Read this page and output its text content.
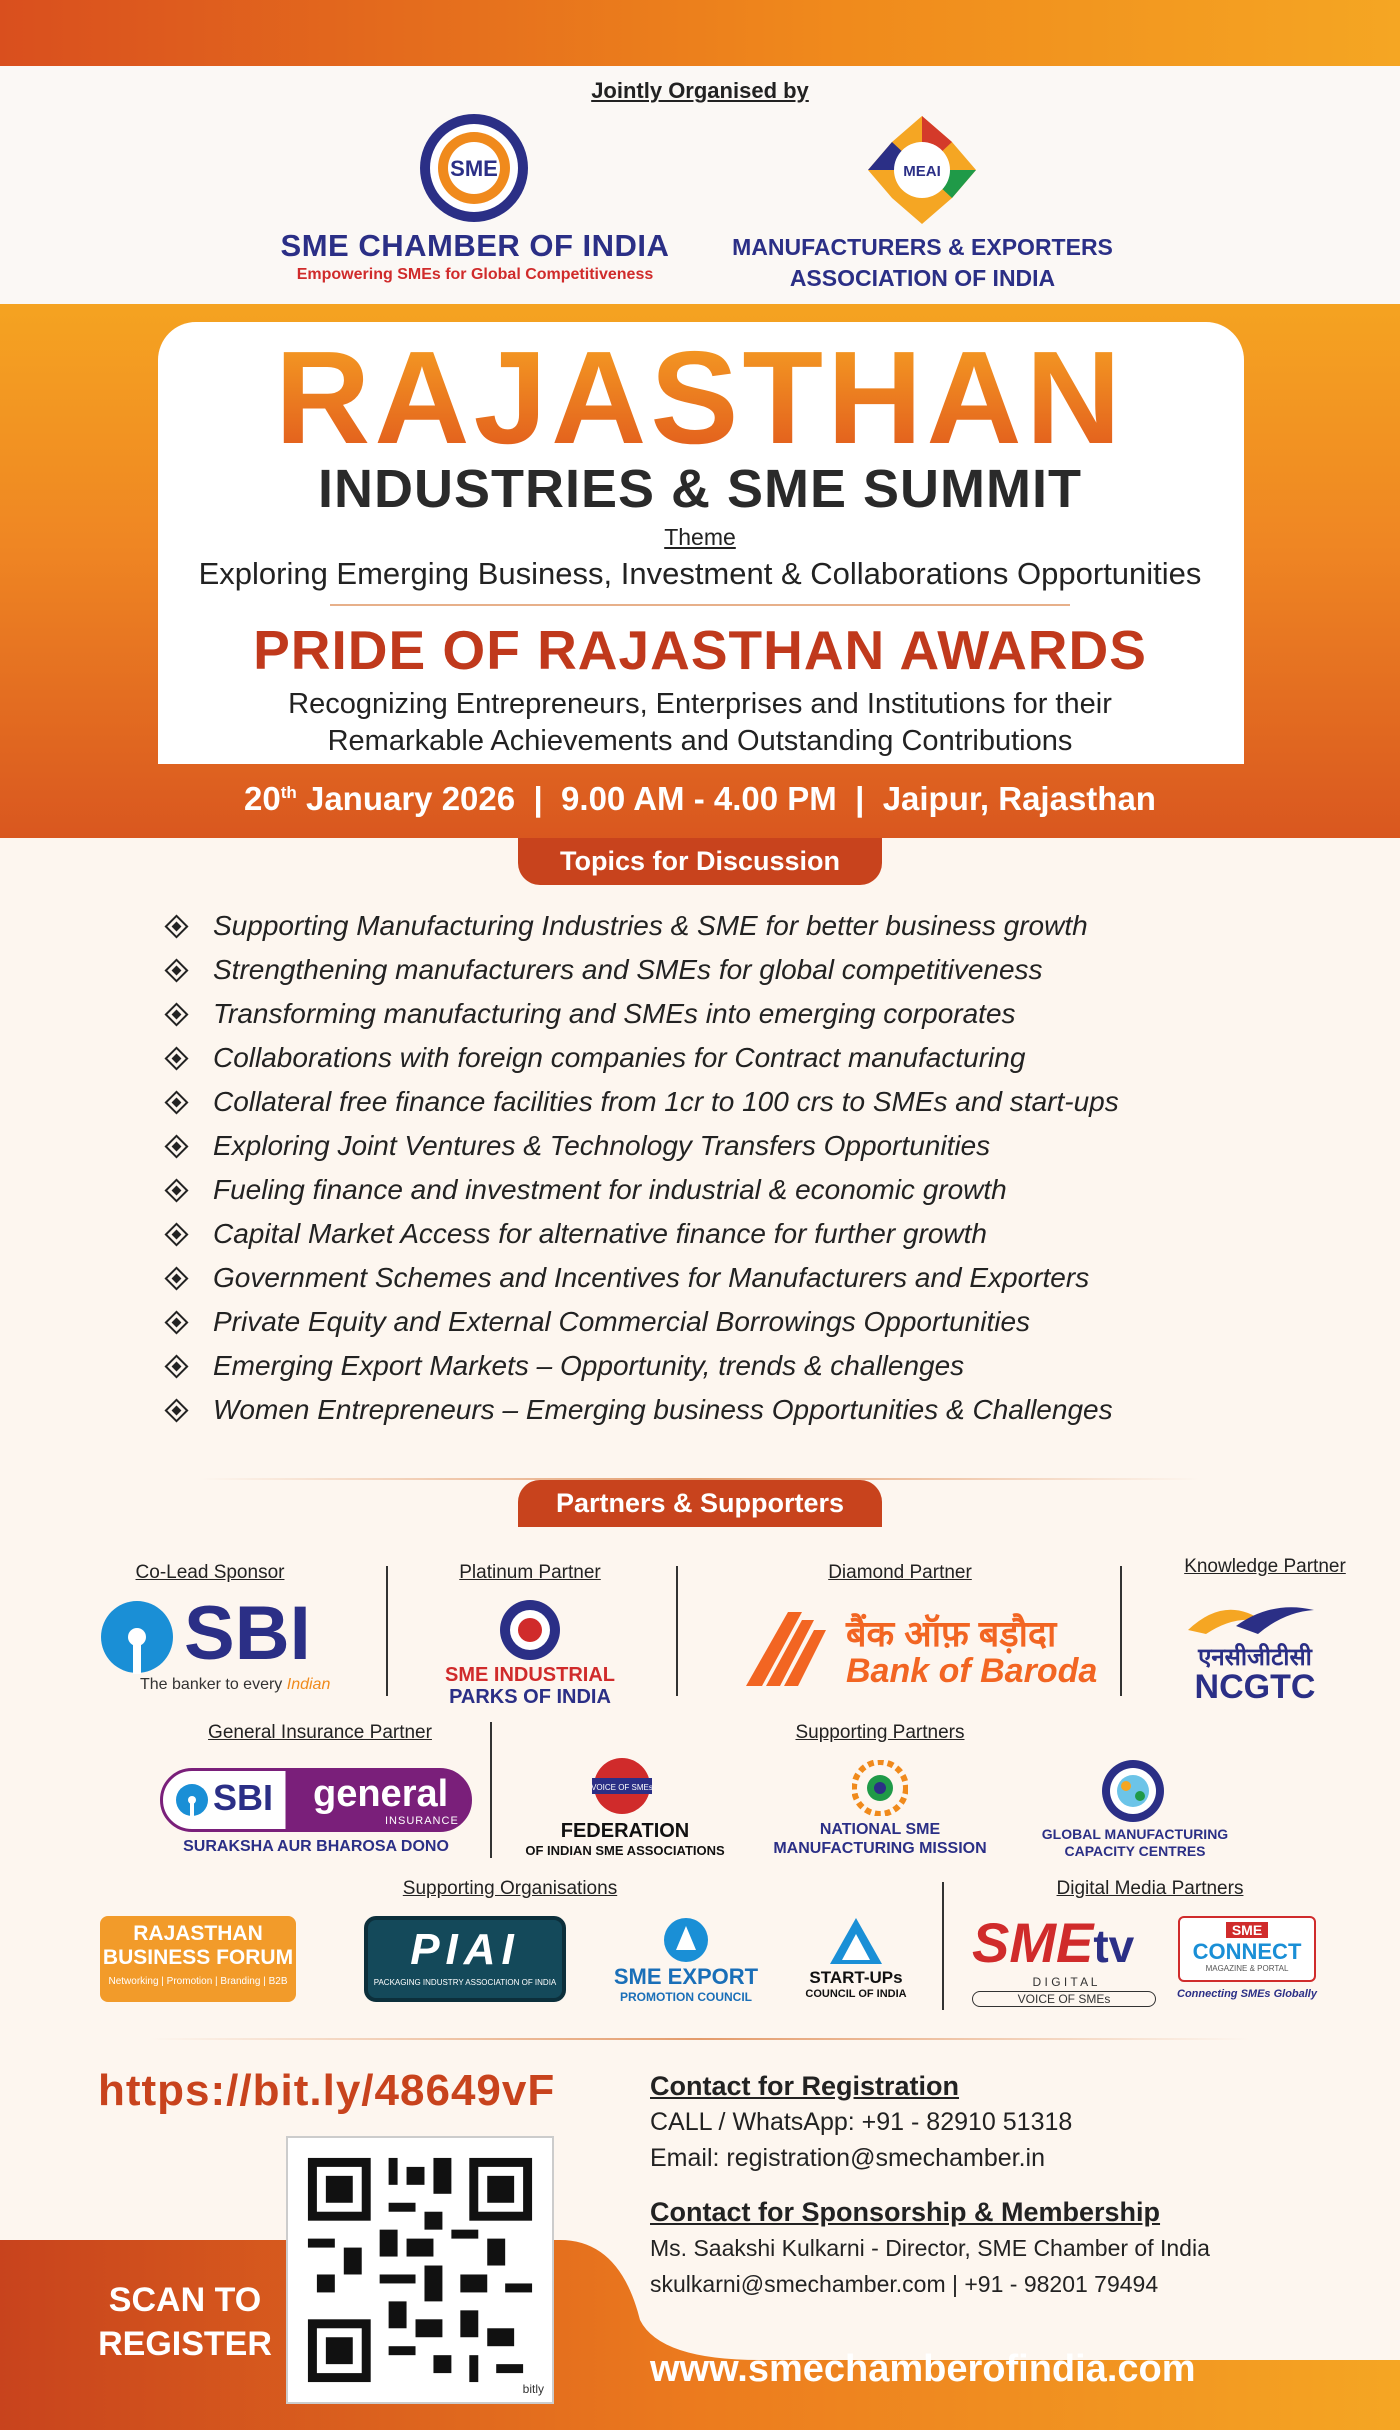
Jointly Organised by
SME	MEAI
SME CHAMBER OF INDIA
Empowering SMEs for Global Competitiveness
MANUFACTURERS & EXPORTERS
ASSOCIATION OF INDIA
RAJASTHAN
INDUSTRIES & SME SUMMIT
Theme
Exploring Emerging Business, Investment & Collaborations Opportunities
PRIDE OF RAJASTHAN AWARDS
Recognizing Entrepreneurs, Enterprises and Institutions for their
Remarkable Achievements and Outstanding Contributions
20th January 2026  |  9.00 AM - 4.00 PM  |  Jaipur, Rajasthan
Topics for Discussion
Supporting Manufacturing Industries & SME for better business growth
Strengthening manufacturers and SMEs for global competitiveness
Transforming manufacturing and SMEs into emerging corporates
Collaborations with foreign companies for Contract manufacturing
Collateral free finance facilities from 1cr to 100 crs to SMEs and start-ups
Exploring Joint Ventures & Technology Transfers Opportunities
Fueling finance and investment for industrial & economic growth
Capital Market Access for alternative finance for further growth
Government Schemes and Incentives for Manufacturers and Exporters
Private Equity and External Commercial Borrowings Opportunities
Emerging Export Markets – Opportunity, trends & challenges
Women Entrepreneurs – Emerging business Opportunities & Challenges
Partners & Supporters
Co-Lead Sponsor
SBI
The banker to every Indian
Platinum Partner
SME INDUSTRIAL
PARKS OF INDIA
Diamond Partner
बैंक ऑफ़ बड़ौदा
Bank of Baroda
Knowledge Partner
एनसीजीटीसी
NCGTC
General Insurance Partner
SBI general
INSURANCE
SURAKSHA AUR BHAROSA DONO
Supporting Partners
VOICE OF SMEs
FEDERATION
OF INDIAN SME ASSOCIATIONS
NATIONAL SME
MANUFACTURING MISSION
GLOBAL MANUFACTURING
CAPACITY CENTRES
Supporting Organisations
RAJASTHAN
BUSINESS FORUM
Networking | Promotion | Branding | B2B
PIAI
PACKAGING INDUSTRY ASSOCIATION OF INDIA	SME EXPORT
PROMOTION COUNCIL
START-UPs
COUNCIL OF INDIA
Digital Media Partners
SMEtv
D I G I T A L
VOICE OF SMEs
SME
CONNECT
MAGAZINE & PORTAL
Connecting SMEs Globally
https://bit.ly/48649vF
bitly
SCAN TO
REGISTER
Contact for Registration
CALL / WhatsApp: +91 - 82910 51318
Email: registration@smechamber.in
Contact for Sponsorship & Membership
Ms. Saakshi Kulkarni - Director, SME Chamber of India
skulkarni@smechamber.com | +91 - 98201 79494
www.smechamberofindia.com
